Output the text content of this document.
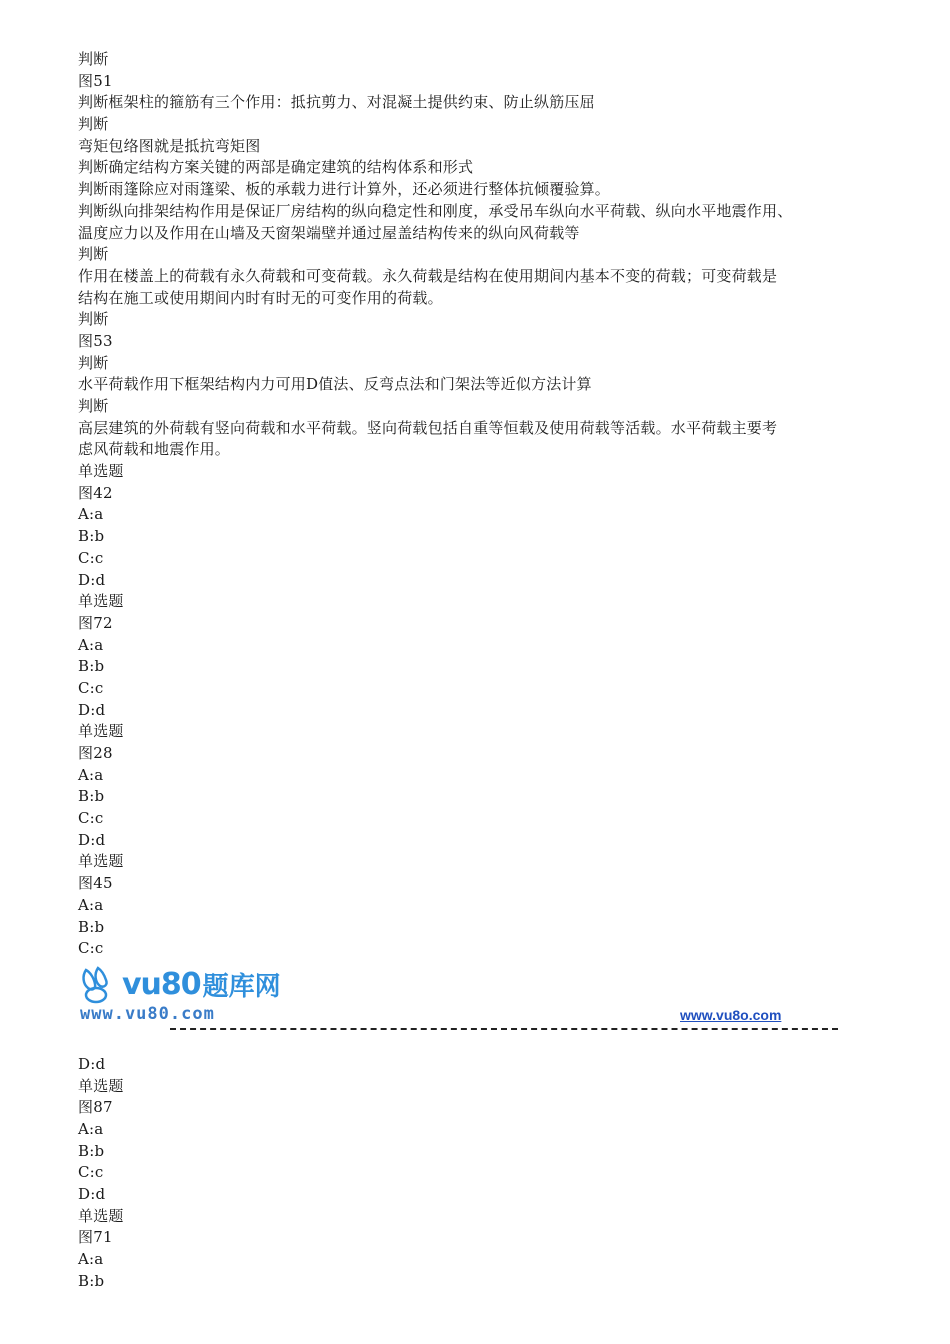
判断
图51
判断框架柱的箍筋有三个作用：抵抗剪力、对混凝土提供约束、防止纵筋压屈
判断
弯矩包络图就是抵抗弯矩图
判断确定结构方案关键的两部是确定建筑的结构体系和形式
判断雨篷除应对雨篷梁、板的承载力进行计算外，还必须进行整体抗倾覆验算。
判断纵向排架结构作用是保证厂房结构的纵向稳定性和刚度，承受吊车纵向水平荷载、纵向水平地震作用、
温度应力以及作用在山墙及天窗架端壁并通过屋盖结构传来的纵向风荷载等
判断
作用在楼盖上的荷载有永久荷载和可变荷载。永久荷载是结构在使用期间内基本不变的荷载；可变荷载是
结构在施工或使用期间内时有时无的可变作用的荷载。
判断
图53
判断
水平荷载作用下框架结构内力可用D值法、反弯点法和门架法等近似方法计算
判断
高层建筑的外荷载有竖向荷载和水平荷载。竖向荷载包括自重等恒载及使用荷载等活载。水平荷载主要考
虑风荷载和地震作用。
单选题
图42
A:a
B:b
C:c
D:d
单选题
图72
A:a
B:b
C:c
D:d
单选题
图28
A:a
B:b
C:c
D:d
单选题
图45
A:a
B:b
C:c
vu80 题库网
www.vu80.com	www.vu8o.com
D:d
单选题
图87
A:a
B:b
C:c
D:d
单选题
图71
A:a
B:b
